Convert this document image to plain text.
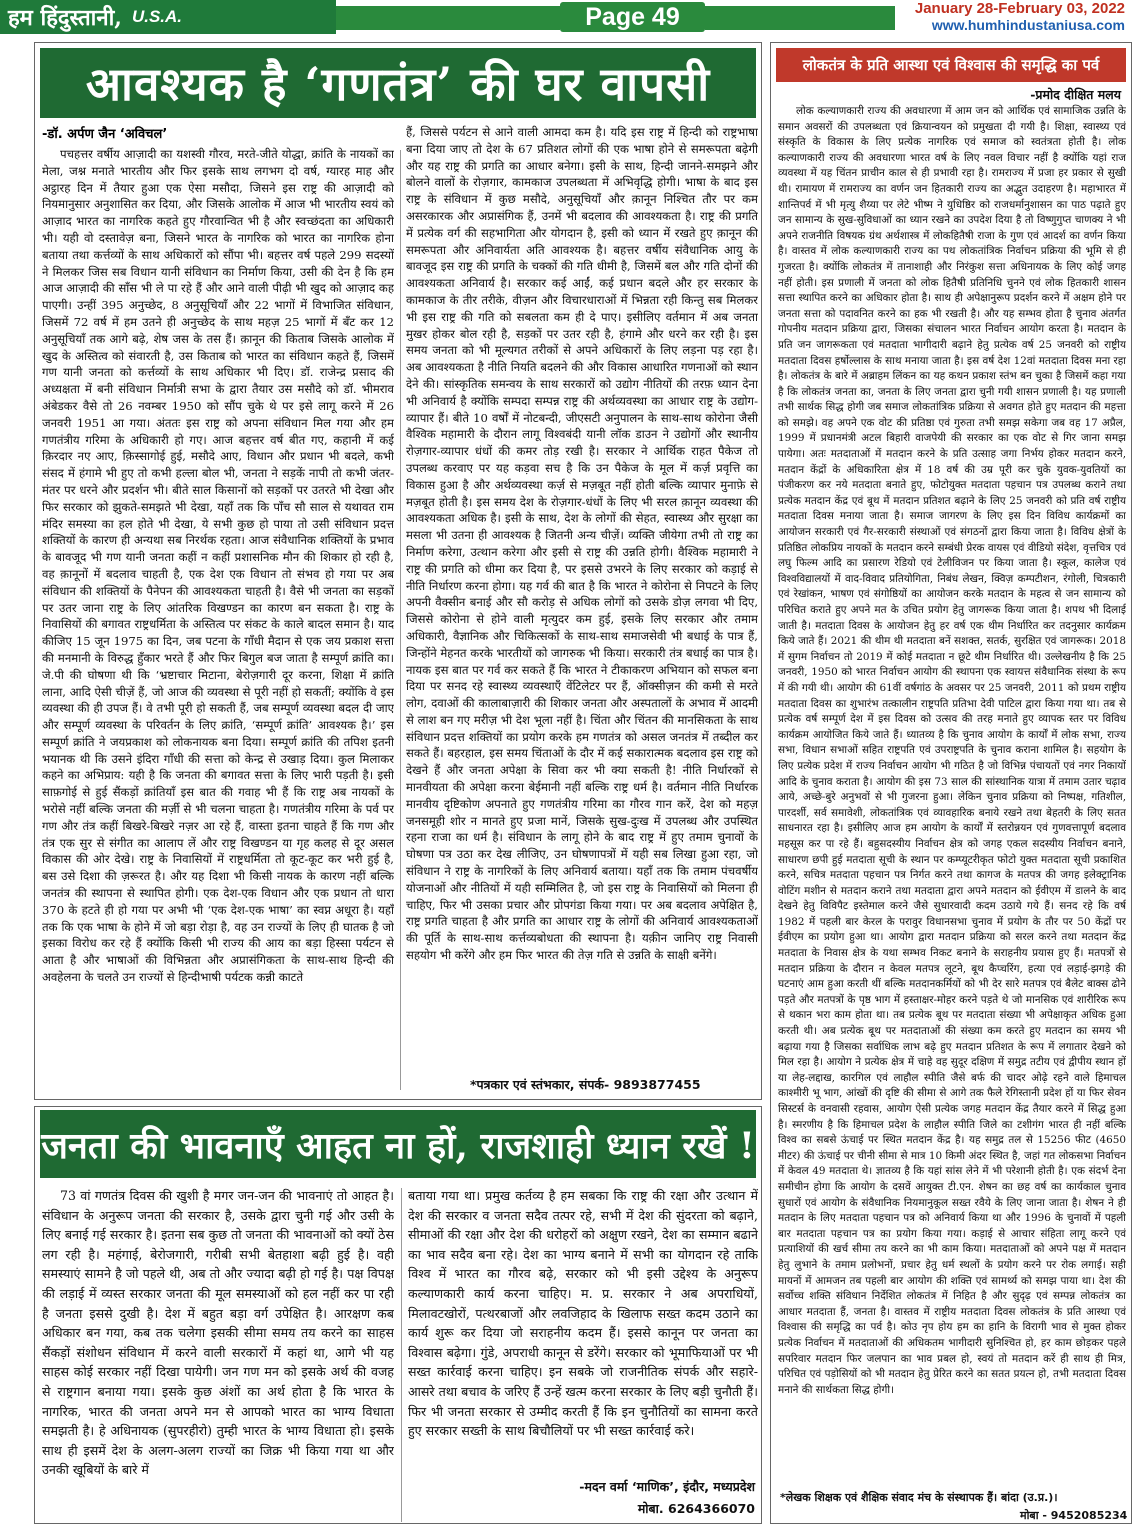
हम हिंदुस्तानी, U.S.A.	Page 49	January 28-February 03, 2022
www.humhindustaniusa.com
आवश्यक है ‘गणतंत्र’ की घर वापसी
-डॉ. अर्पण जैन ‘अविचल’

पचहत्तर वर्षीय आज़ादी का यशस्वी गौरव, मरते-जीते योद्धा, क्रांति के नायकों का मेला, जश्न मनाते भारतीय और फिर इसके साथ लगभग दो वर्ष, ग्यारह माह और अट्ठारह दिन में तैयार हुआ एक ऐसा मसौदा, जिसने इस राष्ट्र की आज़ादी को नियमानुसार अनुशासित कर दिया, और जिसके आलोक में आज भी भारतीय स्वयं को आज़ाद भारत का नागरिक कहते हुए गौरवान्वित भी है और स्वच्छंदता का अधिकारी भी। यही वो दस्तावेज़ बना, जिसने भारत के नागरिक को भारत का नागरिक होना बताया तथा कर्त्तव्यों के साथ अधिकारों को सौंपा भी। बहत्तर वर्ष पहले 299 सदस्यों ने मिलकर जिस सब विधान यानी संविधान का निर्माण किया, उसी की देन है कि हम आज आज़ादी की साँस भी ले पा रहे हैं और आने वाली पीढ़ी भी खुद को आज़ाद कह पाएगी। उन्हीं 395 अनुच्छेद, 8 अनुसूचियाँ और 22 भागों में विभाजित संविधान, जिसमें 72 वर्ष में हम उतने ही अनुच्छेद के साथ महज़ 25 भागों में बँट कर 12 अनुसूचियाँ तक आगे बढ़े, शेष जस के तस हैं। क़ानून की किताब जिसके आलोक में खुद के अस्तित्व को संवारती है, उस किताब को भारत का संविधान कहते हैं, जिसमें गण यानी जनता को कर्त्तव्यों के साथ अधिकार भी दिए। डॉ. राजेन्द्र प्रसाद की अध्यक्षता में बनी संविधान निर्मात्री सभा के द्वारा तैयार उस मसौदे को डॉ. भीमराव अंबेडकर वैसे तो 26 नवम्बर 1950 को सौंप चुके थे पर इसे लागू करने में 26 जनवरी 1951 आ गया। अंततः इस राष्ट्र को अपना संविधान मिल गया और हम गणतंत्रीय गरिमा के अधिकारी हो गए। आज बहत्तर वर्ष बीत गए, कहानी में कई क़िरदार नए आए, क़िस्सागोई हुई, मसौदे आए, विधान और प्रधान भी बदले, कभी संसद में हंगामे भी हुए तो कभी हल्ला बोल भी, जनता ने सड़कें नापी तो कभी जंतर-मंतर पर धरने और प्रदर्शन भी। बीते साल किसानों को सड़कों पर उतरते भी देखा और फिर सरकार को झुकते-समझते भी देखा, यहाँ तक कि पाँच सौ साल से यथावत राम मंदिर समस्या का हल होते भी देखा, ये सभी कुछ हो पाया तो उसी संविधान प्रदत्त शक्तियों के कारण ही अन्यथा सब निरर्थक रहता। आज संवैधानिक शक्तियों के प्रभाव के बावजूद भी गण यानी जनता कहीं न कहीं प्रशासनिक मौन की शिकार हो रही है, वह क़ानूनों में बदलाव चाहती है, एक देश एक विधान तो संभव हो गया पर अब संविधान की शक्तियों के पैनेपन की आवश्यकता चाहती है। वैसे भी जनता का सड़कों पर उतर जाना राष्ट्र के लिए आंतरिक विखण्डन का कारण बन सकता है। राष्ट्र के निवासियों की बगावत राष्ट्रधर्मिता के अस्तित्व पर संकट के काले बादल समान है। याद कीजिए 15 जून 1975 का दिन, जब पटना के गाँधी मैदान से एक जय प्रकाश सत्ता की मनमानी के विरुद्ध हुँकार भरते हैं और फिर बिगुल बज जाता है सम्पूर्ण क्रांति का। जे.पी की घोषणा थी कि ‘भ्रष्टाचार मिटाना, बेरोज़गारी दूर करना, शिक्षा में क्रांति लाना, आदि ऐसी चीज़ें हैं, जो आज की व्यवस्था से पूरी नहीं हो सकतीं; क्योंकि वे इस व्यवस्था की ही उपज हैं। वे तभी पूरी हो सकती हैं, जब सम्पूर्ण व्यवस्था बदल दी जाए और सम्पूर्ण व्यवस्था के परिवर्तन के लिए क्रांति, ‘सम्पूर्ण क्रांति’ आवश्यक है।’ इस सम्पूर्ण क्रांति ने जयप्रकाश को लोकनायक बना दिया। सम्पूर्ण क्रांति की तपिश इतनी भयानक थी कि उसने इंदिरा गाँधी की सत्ता को केन्द्र से उखाड़ दिया। कुल मिलाकर कहने का अभिप्राय: यही है कि जनता की बगावत सत्ता के लिए भारी पड़ती है। इसी साफ़गोई से हुई सैंकड़ों क्रांतियाँ इस बात की गवाह भी हैं कि राष्ट्र अब नायकों के भरोसे नहीं बल्कि जनता की मर्ज़ी से भी चलना चाहता है। गणतंत्रीय गरिमा के पर्व पर गण और तंत्र कहीं बिखरे-बिखरे नज़र आ रहे हैं, वास्ता इतना चाहते हैं कि गण और तंत्र एक सुर से संगीत का आलाप लें और राष्ट्र विखण्डन या गृह कलह से दूर असल विकास की ओर देखे। राष्ट्र के निवासियों में राष्ट्रधर्मिता तो कूट-कूट कर भरी हुई है, बस उसे दिशा की ज़रूरत है। और यह दिशा भी किसी नायक के कारण नहीं बल्कि जनतंत्र की स्थापना से स्थापित होगी। एक देश-एक विधान और एक प्रधान तो धारा 370 के हटते ही हो गया पर अभी भी ‘एक देश-एक भाषा’ का स्वप्न अधूरा है। यहाँ तक कि एक भाषा के होने में जो बड़ा रोड़ा है, वह उन राज्यों के लिए ही घातक है जो इसका विरोध कर रहे हैं क्योंकि किसी भी राज्य की आय का बड़ा हिस्सा पर्यटन से आता है और भाषाओं की विभिन्नता और अप्रासंगिकता के साथ-साथ हिन्दी की अवहेलना के चलते उन राज्यों से हिन्दीभाषी पर्यटक कन्नी काटते

हैं, जिससे पर्यटन से आने वाली आमदा कम है। यदि इस राष्ट्र में हिन्दी को राष्ट्रभाषा बना दिया जाए तो देश के 67 प्रतिशत लोगों की एक भाषा होने से समरूपता बढ़ेगी और यह राष्ट्र की प्रगति का आधार बनेगा। इसी के साथ, हिन्दी जानने-समझने और बोलने वालों के रोज़गार, कामकाज उपलब्धता में अभिवृद्धि होगी। भाषा के बाद इस राष्ट्र के संविधान में कुछ मसौदे, अनुसूचियाँ और क़ानून निश्चित तौर पर कम असरकारक और अप्रासंगिक हैं, उनमें भी बदलाव की आवश्यकता है। राष्ट्र की प्रगति में प्रत्येक वर्ग की सहभागिता और योगदान है, इसी को ध्यान में रखते हुए क़ानून की समरूपता और अनिवार्यता अति आवश्यक है। बहत्तर वर्षीय संवैधानिक आयु के बावजूद इस राष्ट्र की प्रगति के चक्कों की गति धीमी है, जिसमें बल और गति दोनों की आवश्यकता अनिवार्य है। सरकार कई आईं, कई प्रधान बदले और हर सरकार के कामकाज के तीर तरीके, वीज़न और विचारधाराओं में भिन्नता रही किन्तु सब मिलकर भी इस राष्ट्र की गति को सबलता कम ही दे पाए। इसीलिए वर्तमान में अब जनता मुखर होकर बोल रही है, सड़कों पर उतर रही है, हंगामे और धरने कर रही है। इस समय जनता को भी मूल्यगत तरीकों से अपने अधिकारों के लिए लड़ना पड़ रहा है। अब आवश्यकता है नीति नियति बदलने की और विकास आधारित गणनाओं को स्थान देने की। सांस्कृतिक समन्वय के साथ सरकारों को उद्योग नीतियों की तरफ़ ध्यान देना भी अनिवार्य है क्योंकि सम्पदा सम्पन्न राष्ट्र की अर्थव्यवस्था का आधार राष्ट्र के उद्योग-व्यापार हैं। बीते 10 वर्षों में नोटबन्दी, जीएसटी अनुपालन के साथ-साथ कोरोना जैसी वैश्विक महामारी के दौरान लागू विश्वबंदी यानी लॉक डाउन ने उद्योगों और स्थानीय रोज़गार-व्यापार धंधों की कमर तोड़ रखी है। सरकार ने आर्थिक राहत पैकेज तो उपलब्ध करवाए पर यह कड़वा सच है कि उन पैकेज के मूल में कर्ज़ प्रवृत्ति का विकास हुआ है और अर्थव्यवस्था कर्ज़ से मज़बूत नहीं होती बल्कि व्यापार मुनाफ़े से मज़बूत होती है। इस समय देश के रोज़गार-धंधों के लिए भी सरल क़ानून व्यवस्था की आवश्यकता अधिक है। इसी के साथ, देश के लोगों की सेहत, स्वास्थ्य और सुरक्षा का मसला भी उतना ही आवश्यक है जितनी अन्य चीज़ें। व्यक्ति जीयेगा तभी तो राष्ट्र का निर्माण करेगा, उत्थान करेगा और इसी से राष्ट्र की उन्नति होगी। वैश्विक महामारी ने राष्ट्र की प्रगति को धीमा कर दिया है, पर इससे उभरने के लिए सरकार को कड़ाई से नीति निर्धारण करना होगा। यह गर्व की बात है कि भारत ने कोरोना से निपटने के लिए अपनी वैक्सीन बनाई और सौ करोड़ से अधिक लोगों को उसके डोज़ लगवा भी दिए, जिससे कोरोना से होने वाली मृत्युदर कम हुई, इसके लिए सरकार और तमाम अधिकारी, वैज्ञानिक और चिकित्सकों के साथ-साथ समाजसेवी भी बधाई के पात्र हैं, जिन्होंने मेहनत करके भारतीयों को जागरुक भी किया। सरकारी तंत्र बधाई का पात्र है। नायक इस बात पर गर्व कर सकते हैं कि भारत ने टीकाकरण अभियान को सफल बना दिया पर सनद रहे स्वास्थ्य व्यवस्थाएँ वेंटिलेटर पर हैं, ऑक्सीज़न की कमी से मरते लोग, दवाओं की कालाबाज़ारी की शिकार जनता और अस्पतालों के अभाव में आदमी से लाश बन गए मरीज़ भी देश भूला नहीं है। चिंता और चिंतन की मानसिकता के साथ संविधान प्रदत्त शक्तियों का प्रयोग करके हम गणतंत्र को असल जनतंत्र में तब्दील कर सकते हैं। बहरहाल, इस समय चिंताओं के दौर में कई सकारात्मक बदलाव इस राष्ट्र को देखने हैं और जनता अपेक्षा के सिवा कर भी क्या सकती है! नीति निर्धारकों से मानवीयता की अपेक्षा करना बेईमानी नहीं बल्कि राष्ट्र धर्म है। वर्तमान नीति निर्धारक मानवीय दृष्टिकोण अपनाते हुए गणतंत्रीय गरिमा का गौरव गान करें, देश को महज़ जनसमूही शोर न मानते हुए प्रजा मानें, जिसके सुख-दुःख में उपलब्ध और उपस्थित रहना राजा का धर्म है। संविधान के लागू होने के बाद राष्ट्र में हुए तमाम चुनावों के घोषणा पत्र उठा कर देख लीजिए, उन घोषणापत्रों में यही सब लिखा हुआ रहा, जो संविधान ने राष्ट्र के नागरिकों के लिए अनिवार्य बताया। यहाँ तक कि तमाम पंचवर्षीय योजनाओं और नीतियों में यही सम्मिलित है, जो इस राष्ट्र के निवासियों को मिलना ही चाहिए, फिर भी उसका प्रचार और प्रोपगंडा किया गया। पर अब बदलाव अपेक्षित है, राष्ट्र प्रगति चाहता है और प्रगति का आधार राष्ट्र के लोगों की अनिवार्य आवश्यकताओं की पूर्ति के साथ-साथ कर्त्तव्यबोधता की स्थापना है। यक़ीन जानिए राष्ट्र निवासी सहयोग भी करेंगे और हम फिर भारत की तेज़ गति से उन्नति के साक्षी बनेंगे।

*पत्रकार एवं स्तंभकार, संपर्क- 9893877455
जनता की भावनाएँ आहत ना हों, राजशाही ध्यान रखें !

73 वां गणतंत्र दिवस की खुशी है मगर जन-जन की भावनाएं तो आहत है। संविधान के अनुरूप जनता की सरकार है, उसके द्वारा चुनी गई और उसी के लिए बनाई गई सरकार है। इतना सब कुछ तो जनता की भावनाओं को क्यों ठेस लग रही है। महंगाई, बेरोजगारी, गरीबी सभी बेतहाशा बढ़ी हुई है। वही समस्याएं सामने है जो पहले थी, अब तो और ज्यादा बढ़ी हो गई है। पक्ष विपक्ष की लड़ाई में व्यस्त सरकार जनता की मूल समस्याओं को हल नहीं कर पा रही है जनता इससे दुखी है। देश में बहुत बड़ा वर्ग उपेक्षित है। आरक्षण कब अधिकार बन गया, कब तक चलेगा इसकी सीमा समय तय करने का साहस सैंकड़ों संशोधन संविधान में करने वाली सरकारों में कहां था, आगे भी यह साहस कोई सरकार नहीं दिखा पायेगी। जन गण मन को इसके अर्थ की वजह से राष्ट्रगान बनाया गया। इसके कुछ अंशों का अर्थ होता है कि भारत के नागरिक, भारत की जनता अपने मन से आपको भारत का भाग्य विधाता समझती है। हे अधिनायक (सुपरहीरो) तुम्ही भारत के भाग्य विधाता हो। इसके साथ ही इसमें देश के अलग-अलग राज्यों का जिक्र भी किया गया था और उनकी खूबियों के बारे में

बताया गया था। प्रमुख कर्तव्य है हम सबका कि राष्ट्र की रक्षा और उत्थान में देश की सरकार व जनता सदैव तत्पर रहे, सभी में देश की सुंदरता को बढ़ाने, सीमाओं की रक्षा और देश की धरोहरों को अक्षुण रखने, देश का सम्मान बढाने का भाव सदैव बना रहे। देश का भाग्य बनाने में सभी का योगदान रहे ताकि विश्व में भारत का गौरव बढ़े, सरकार को भी इसी उद्देश्य के अनुरूप कल्याणकारी कार्य करना चाहिए। म. प्र. सरकार ने अब अपराधियों, मिलावटखोरों, पत्थरबाजों और लवजिहाद के खिलाफ सख्त कदम उठाने का कार्य शुरू कर दिया जो सराहनीय कदम हैं। इससे कानून पर जनता का विश्वास बढ़ेगा। गुंडे, अपराधी कानून से डरेंगे। सरकार को भूमाफियाओं पर भी सख्त कार्रवाई करना चाहिए। इन सबके जो राजनीतिक संपर्क और सहारे-आसरे तथा बचाव के जरिए हैं उन्हें खत्म करना सरकार के लिए बड़ी चुनौती हैं। फिर भी जनता सरकार से उम्मीद करती हैं कि इन चुनौतियों का सामना करते हुए सरकार सख्ती के साथ बिचौलियों पर भी सख्त कार्रवाई करे।

-मदन वर्मा ‘माणिक’, इंदौर, मध्यप्रदेश
मोबा. 6264366070
लोकतंत्र के प्रति आस्था एवं विश्वास की समृद्धि का पर्व
-प्रमोद दीक्षित मलय

लोक कल्याणकारी राज्य की अवधारणा में आम जन को आर्थिक एवं सामाजिक उन्नति के समान अवसरों की उपलब्धता एवं क्रियान्वयन को प्रमुखता दी गयी है। शिक्षा, स्वास्थ्य एवं संस्कृति के विकास के लिए प्रत्येक नागरिक एवं समाज को स्वतंत्रता होती है। लोक कल्याणकारी राज्य की अवधारणा भारत वर्ष के लिए नवल विचार नहीं है क्योंकि यहां राज व्यवस्था में यह चिंतन प्राचीन काल से ही प्रभावी रहा है। रामराज्य में प्रजा हर प्रकार से सुखी थी। रामायण में रामराज्य का वर्णन जन हितकारी राज्य का अद्भुत उदाहरण है। महाभारत में शान्तिपर्व में भी मृत्यु शैय्या पर लेटे भीष्म ने युधिष्ठिर को राजधर्मानुशासन का पाठ पढ़ाते हुए जन सामान्य के सुख-सुविधाओं का ध्यान रखने का उपदेश दिया है तो विष्णुगुप्त चाणक्य ने भी अपने राजनीति विषयक ग्रंथ अर्थशास्त्र में लोकहितैषी राजा के गुण एवं आदर्श का वर्णन किया है। वास्तव में लोक कल्याणकारी राज्य का पथ लोकतांत्रिक निर्वाचन प्रक्रिया की भूमि से ही गुजरता है। क्योंकि लोकतंत्र में तानाशाही और निरंकुश सत्ता अधिनायक के लिए कोई जगह नहीं होती। इस प्रणाली में जनता को लोक हितैषी प्रतिनिधि चुनने एवं लोक हितकारी शासन सत्ता स्थापित करने का अधिकार होता है। साथ ही अपेक्षानुरूप प्रदर्शन करने में अक्षम होने पर जनता सत्ता को पदावनित करने का हक भी रखती है। और यह सम्भव होता है चुनाव अंतर्गत गोपनीय मतदान प्रक्रिया द्वारा, जिसका संचालन भारत निर्वाचन आयोग करता है। मतदान के प्रति जन जागरूकता एवं मतदाता भागीदारी बढ़ाने हेतु प्रत्येक वर्ष 25 जनवरी को राष्ट्रीय मतदाता दिवस हर्षोल्लास के साथ मनाया जाता है। इस वर्ष देश 12वां मतदाता दिवस मना रहा है। लोकतंत्र के बारे में अब्राहम लिंकन का यह कथन प्रकाश स्तंभ बन चुका है जिसमें कहा गया है कि लोकतंत्र जनता का, जनता के लिए जनता द्वारा चुनी गयी शासन प्रणाली है। यह प्रणाली तभी सार्थक सिद्ध होगी जब समाज लोकतांत्रिक प्रक्रिया से अवगत होते हुए मतदान की महत्ता को समझे। वह अपने एक वोट की प्रतिष्ठा एवं गुरुता तभी समझ सकेगा जब वह 17 अप्रैल, 1999 में प्रधानमंत्री अटल बिहारी वाजपेयी की सरकार का एक वोट से गिर जाना समझ पायेगा। अतः मतदाताओं में मतदान करने के प्रति उत्साह जगा निर्भय होकर मतदान करने, मतदान केंद्रों के अधिकारिता क्षेत्र में 18 वर्ष की उम्र पूरी कर चुके युवक-युवतियों का पंजीकरण कर नये मतदाता बनाते हुए, फोटोयुक्त मतदाता पहचान पत्र उपलब्ध कराने तथा प्रत्येक मतदान केंद्र एवं बूथ में मतदान प्रतिशत बढ़ाने के लिए 25 जनवरी को प्रति वर्ष राष्ट्रीय मतदाता दिवस मनाया जाता है। समाज जागरण के लिए इस दिन विविध कार्यक्रमों का आयोजन सरकारी एवं गैर-सरकारी संस्थाओं एवं संगठनों द्वारा किया जाता है। विविध क्षेत्रों के प्रतिष्ठित लोकप्रिय नायकों के मतदान करने सम्बंधी प्रेरक वायस एवं वीडियो संदेश, वृत्तचित्र एवं लघु फिल्म आदि का प्रसारण रेडियो एवं टेलीविजन पर किया जाता है। स्कूल, कालेज एवं विश्वविद्यालयों में वाद-विवाद प्रतियोगिता, निबंध लेखन, क्विज़ कम्पटीशन, रंगोली, चित्रकारी एवं रेखांकन, भाषण एवं संगोष्ठियों का आयोजन करके मतदान के महत्व से जन सामान्य को परिचित कराते हुए अपने मत के उचित प्रयोग हेतु जागरूक किया जाता है। शपथ भी दिलाई जाती है। मतदाता दिवस के आयोजन हेतु हर वर्ष एक थीम निर्धारित कर तदनुसार कार्यक्रम किये जाते हैं। 2021 की थीम थी मतदाता बनें सशक्त, सतर्क, सुरक्षित एवं जागरूक। 2018 में सुगम निर्वाचन तो 2019 में कोई मतदाता न छूटे थीम निर्धारित थी। उल्लेखनीय है कि 25 जनवरी, 1950 को भारत निर्वाचन आयोग की स्थापना एक स्वायत्त संवैधानिक संस्था के रूप में की गयी थी। आयोग की 61वीं वर्षगांठ के अवसर पर 25 जनवरी, 2011 को प्रथम राष्ट्रीय मतदाता दिवस का शुभारंभ तत्कालीन राष्ट्रपति प्रतिभा देवी पाटिल द्वारा किया गया था। तब से प्रत्येक वर्ष सम्पूर्ण देश में इस दिवस को उत्सव की तरह मनाते हुए व्यापक स्तर पर विविध कार्यक्रम आयोजित किये जाते हैं। ध्यातव्य है कि चुनाव आयोग के कार्यों में लोक सभा, राज्य सभा, विधान सभाओं सहित राष्ट्रपति एवं उपराष्ट्रपति के चुनाव कराना शामिल है। सहयोग के लिए प्रत्येक प्रदेश में राज्य निर्वाचन आयोग भी गठित है जो विभिन्न पंचायतों एवं नगर निकायों आदि के चुनाव कराता है। आयोग की इस 73 साल की सांस्थानिक यात्रा में तमाम उतार चढ़ाव आये, अच्छे-बुरे अनुभवों से भी गुजरना हुआ। लेकिन चुनाव प्रक्रिया को निष्पक्ष, गतिशील, पारदर्शी, सर्व समावेशी, लोकतांत्रिक एवं व्यावहारिक बनाये रखने तथा बेहतरी के लिए सतत साधनारत रहा है। इसीलिए आज हम आयोग के कार्यों में स्तरोन्नयन एवं गुणवत्तापूर्ण बदलाव महसूस कर पा रहे हैं। बहुसदस्यीय निर्वाचन क्षेत्र को जगह एकल सदस्यीय निर्वाचन बनाने, साधारण छपी हुई मतदाता सूची के स्थान पर कम्प्यूटरीकृत फोटो युक्त मतदाता सूची प्रकाशित करने, सचित्र मतदाता पहचान पत्र निर्गत करने तथा कागज के मतपत्र की जगह इलेक्ट्रानिक वोटिंग मशीन से मतदान कराने तथा मतदाता द्वारा अपने मतदान को ईवीएम में डालने के बाद देखने हेतु विविपैट इस्तेमाल करने जैसे सुधारवादी कदम उठाये गये हैं। सनद रहे कि वर्ष 1982 में पहली बार केरल के परावुर विधानसभा चुनाव में प्रयोग के तौर पर 50 केंद्रों पर ईवीएम का प्रयोग हुआ था। आयोग द्वारा मतदान प्रक्रिया को सरल करने तथा मतदान केंद्र मतदाता के निवास क्षेत्र के यथा सम्भव निकट बनाने के सराहनीय प्रयास हुए हैं। मतपत्रों से मतदान प्रक्रिया के दौरान न केवल मतपत्र लूटने, बूथ कैप्चरिंग, हत्या एवं लड़ाई-झगड़े की घटनाएं आम हुआ करती थीं बल्कि मतदानकर्मियों को भी देर सारे मतपत्र एवं बैलेट बाक्स ढोने पड़ते और मतपत्रों के पृष्ठ भाग में हस्ताक्षर-मोहर करने पड़ते थे जो मानसिक एवं शारीरिक रूप से थकान भरा काम होता था। तब प्रत्येक बूथ पर मतदाता संख्या भी अपेक्षाकृत अधिक हुआ करती थी। अब प्रत्येक बूथ पर मतदाताओं की संख्या कम करते हुए मतदान का समय भी बढ़ाया गया है जिसका सर्वाधिक लाभ बढ़े हुए मतदान प्रतिशत के रूप में लगातार देखने को मिल रहा है। आयोग ने प्रत्येक क्षेत्र में चाहे वह सुदूर दक्षिण में समुद्र तटीय एवं द्वीपीय स्थान हों या लेह-लद्दाख, कारगिल एवं लाहौल स्पीति जैसे बर्फ की चादर ओढ़े रहने वाले हिमाचल काश्मीरी भू भाग, आंखों की दृष्टि की सीमा से आगे तक फैले रेगिस्तानी प्रदेश हों या फिर सेवन सिस्टर्स के वनवासी रहवास, आयोग ऐसी प्रत्येक जगह मतदान केंद्र तैयार करने में सिद्ध हुआ है। स्मरणीय है कि हिमाचल प्रदेश के लाहौल स्पीति जिले का टशीगंग भारत ही नहीं बल्कि विश्व का सबसे ऊंचाई पर स्थित मतदान केंद्र है। यह समुद्र तल से 15256 फीट (4650 मीटर) की ऊंचाई पर चीनी सीमा से मात्र 10 किमी अंदर स्थित है, जहां गत लोकसभा निर्वाचन में केवल 49 मतदाता थे। ज्ञातव्य है कि यहां सांस लेने में भी परेशानी होती है। एक संदर्भ देना समीचीन होगा कि आयोग के दसवें आयुक्त टी.एन. शेषन का छह वर्ष का कार्यकाल चुनाव सुधारों एवं आयोग के संवैधानिक नियमानुकूल सख्त रवैये के लिए जाना जाता है। शेषन ने ही मतदान के लिए मतदाता पहचान पत्र को अनिवार्य किया था और 1996 के चुनावों में पहली बार मतदाता पहचान पत्र का प्रयोग किया गया। कड़ाई से आचार संहिता लागू करने एवं प्रत्याशियों की खर्च सीमा तय करने का भी काम किया। मतदाताओं को अपने पक्ष में मतदान हेतु लुभाने के तमाम प्रलोभनों, प्रचार हेतु धर्म स्थलों के प्रयोग करने पर रोक लगाई। सही मायनों में आमजन तब पहली बार आयोग की शक्ति एवं सामर्थ्य को समझ पाया था। देश की सर्वोच्च शक्ति संविधान निर्देशित लोकतंत्र में निहित है और सुदृढ़ एवं सम्पन्न लोकतंत्र का आधार मतदाता हैं, जनता है। वास्तव में राष्ट्रीय मतदाता दिवस लोकतंत्र के प्रति आस्था एवं विश्वास की समृद्धि का पर्व है। कोउ नृप होय हम का हानि के विरागी भाव से मुक्त होकर प्रत्येक निर्वाचन में मतदाताओं की अधिकतम भागीदारी सुनिश्चित हो, हर काम छोड़कर पहले सपरिवार मतदान फिर जलपान का भाव प्रबल हो, स्वयं तो मतदान करें ही साथ ही मित्र, परिचित एवं पड़ोसियों को भी मतदान हेतु प्रेरित करने का सतत प्रयत्न हो, तभी मतदाता दिवस मनाने की सार्थकता सिद्ध होगी।

*लेखक शिक्षक एवं शैक्षिक संवाद मंच के संस्थापक हैं। बांदा (उ.प्र.)।
मोबा - 9452085234
